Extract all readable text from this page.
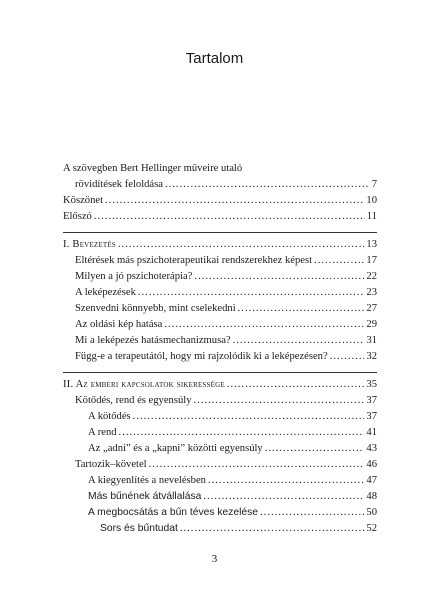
Tartalom
A szövegben Bert Hellinger műveire utaló
rövidítések feloldása .....	7
Köszönet .....	10
Előszó .....	11
I. Bevezetés .....	13
Eltérések más pszichoterapeutikai rendszerekhez képest .....	17
Milyen a jó pszichoterápia? .....	22
A leképezések .....	23
Szenvedni könnyebb, mint cselekedni .....	27
Az oldási kép hatása .....	29
Mi a leképezés hatásmechanizmusa? .....	31
Függ-e a terapeutától, hogy mi rajzolódik ki a leképezésen? .....	32
II. Az emberi kapcsolatok sikeressége .....	35
Kötődés, rend és egyensúly .....	37
A kötődés .....	37
A rend .....	41
Az „adni” és a „kapni” közötti egyensúly .....	43
Tartozik–követel .....	46
A kiegyenlítés a nevelésben .....	47
Más bűnének átvállalása .....	48
A megbocsátás a bűn téves kezelése .....	50
Sors és bűntudat .....	52
3
